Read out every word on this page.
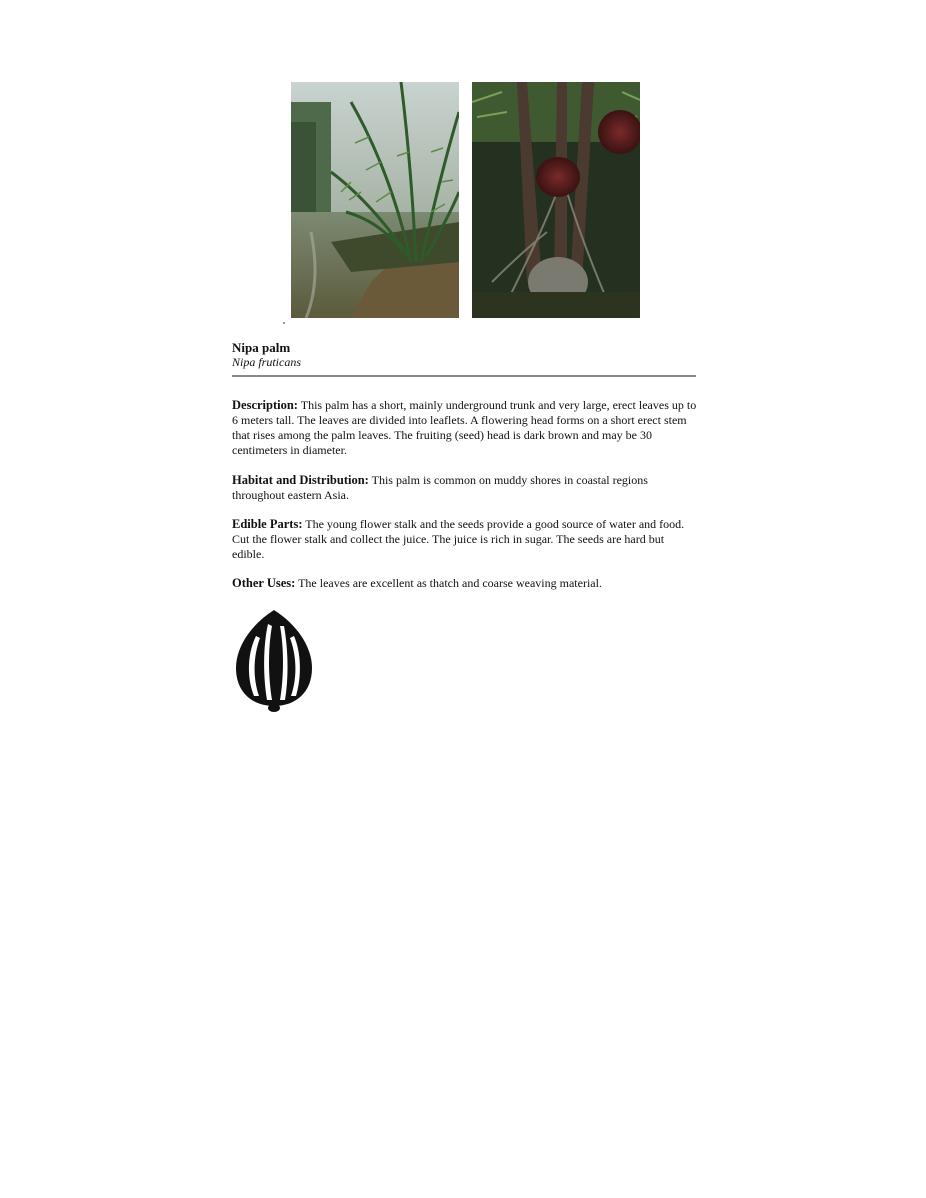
Nipa palm
Nipa fruticans
Description: This palm has a short, mainly underground trunk and very large, erect leaves up to 6 meters tall. The leaves are divided into leaflets. A flowering head forms on a short erect stem that rises among the palm leaves. The fruiting (seed) head is dark brown and may be 30 centimeters in diameter.
Habitat and Distribution: This palm is common on muddy shores in coastal regions throughout eastern Asia.
Edible Parts: The young flower stalk and the seeds provide a good source of water and food. Cut the flower stalk and collect the juice. The juice is rich in sugar. The seeds are hard but edible.
Other Uses: The leaves are excellent as thatch and coarse weaving material.
